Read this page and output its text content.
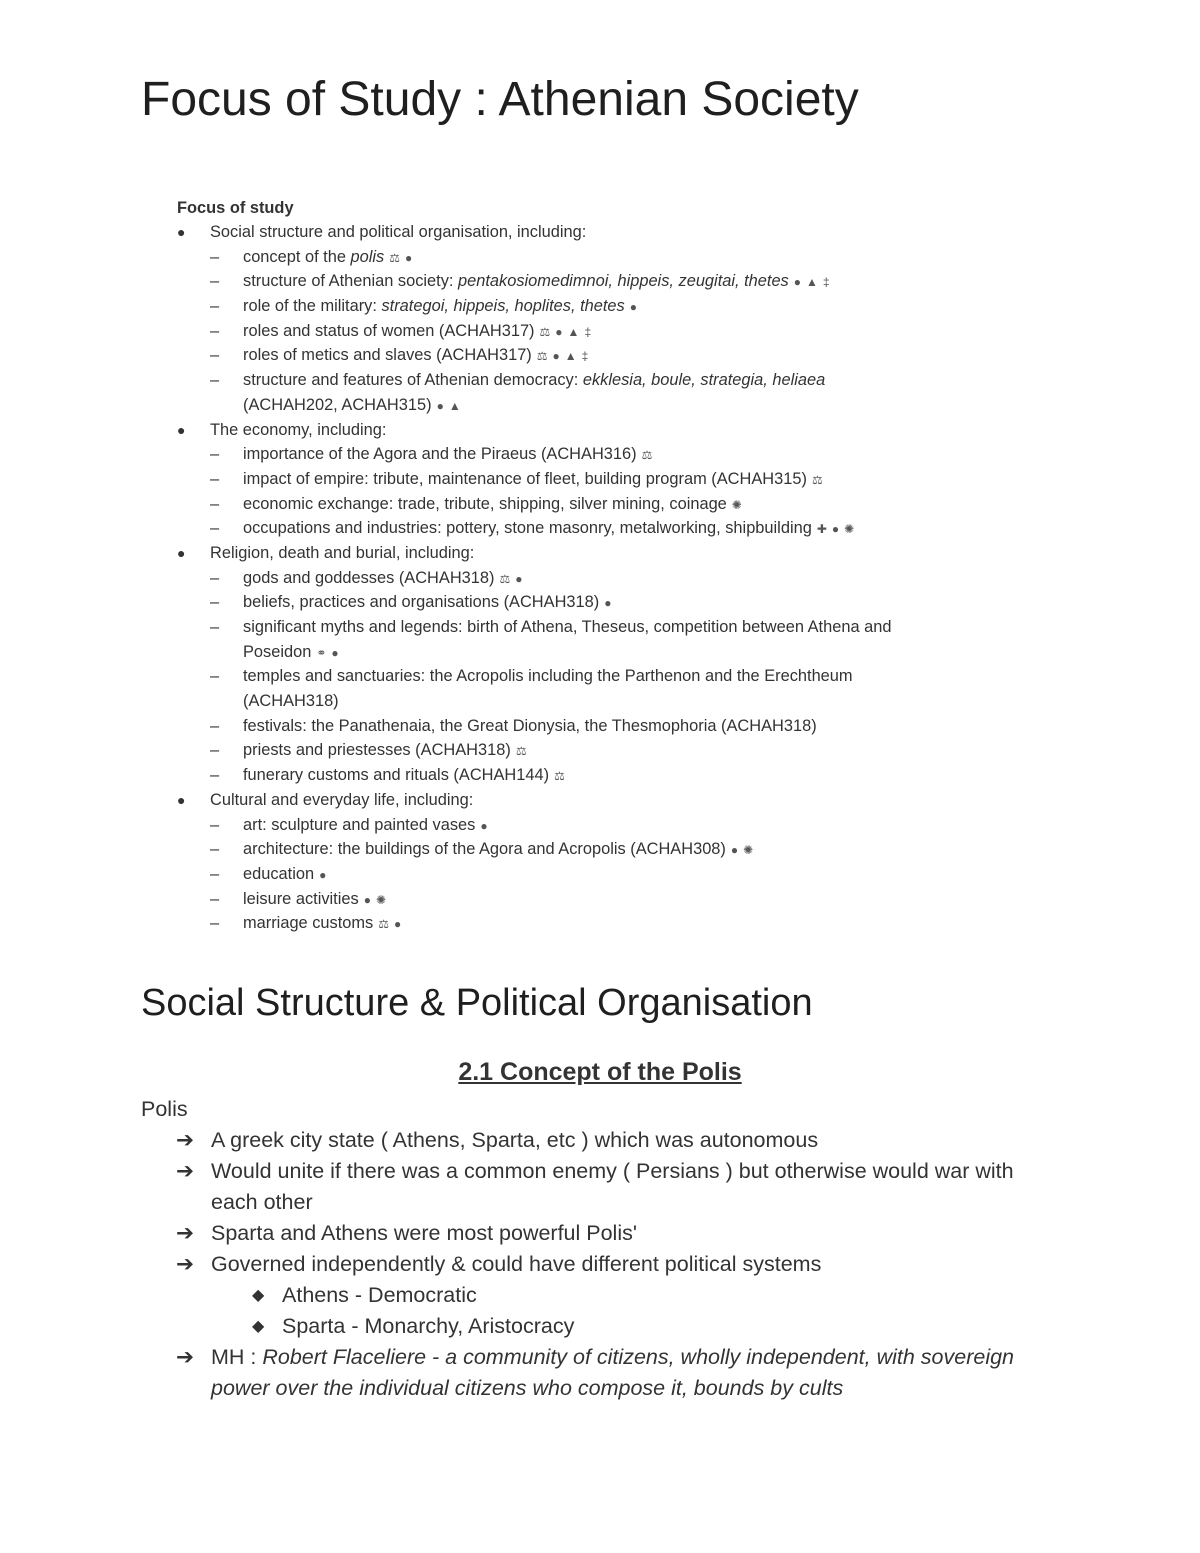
Focus of Study : Athenian Society
Focus of study
● Social structure and political organisation, including:
– concept of the polis⚖●
– structure of Athenian society: pentakosiomedimnoi, hippeis, zeugitai, thetes●▲‡
– role of the military: strategoi, hippeis, hoplites, thetes●
– roles and status of women (ACHAH317)⚖●▲‡
– roles of metics and slaves (ACHAH317)⚖●▲‡
– structure and features of Athenian democracy: ekklesia, boule, strategia, heliaea
(ACHAH202, ACHAH315)●▲
● The economy, including:
– importance of the Agora and the Piraeus (ACHAH316)⚖
– impact of empire: tribute, maintenance of fleet, building program (ACHAH315)⚖
– economic exchange: trade, tribute, shipping, silver mining, coinage✺
– occupations and industries: pottery, stone masonry, metalworking, shipbuilding✚●✺
● Religion, death and burial, including:
– gods and goddesses (ACHAH318)⚖●
– beliefs, practices and organisations (ACHAH318)●
– significant myths and legends: birth of Athena, Theseus, competition between Athena and
Poseidon⚭●
– temples and sanctuaries: the Acropolis including the Parthenon and the Erechtheum
(ACHAH318)
– festivals: the Panathenaia, the Great Dionysia, the Thesmophoria (ACHAH318)
– priests and priestesses (ACHAH318)⚖
– funerary customs and rituals (ACHAH144)⚖
● Cultural and everyday life, including:
– art: sculpture and painted vases●
– architecture: the buildings of the Agora and Acropolis (ACHAH308)●✺
– education●
– leisure activities●✺
– marriage customs⚖●
Social Structure & Political Organisation
2.1 Concept of the Polis
Polis
➔ A greek city state ( Athens, Sparta, etc ) which was autonomous
➔ Would unite if there was a common enemy ( Persians ) but otherwise would war with each other
➔ Sparta and Athens were most powerful Polis'
➔ Governed independently & could have different political systems
◆ Athens - Democratic
◆ Sparta - Monarchy, Aristocracy
➔ MH : Robert Flaceliere - a community of citizens, wholly independent, with sovereign power over the individual citizens who compose it, bounds by cults
